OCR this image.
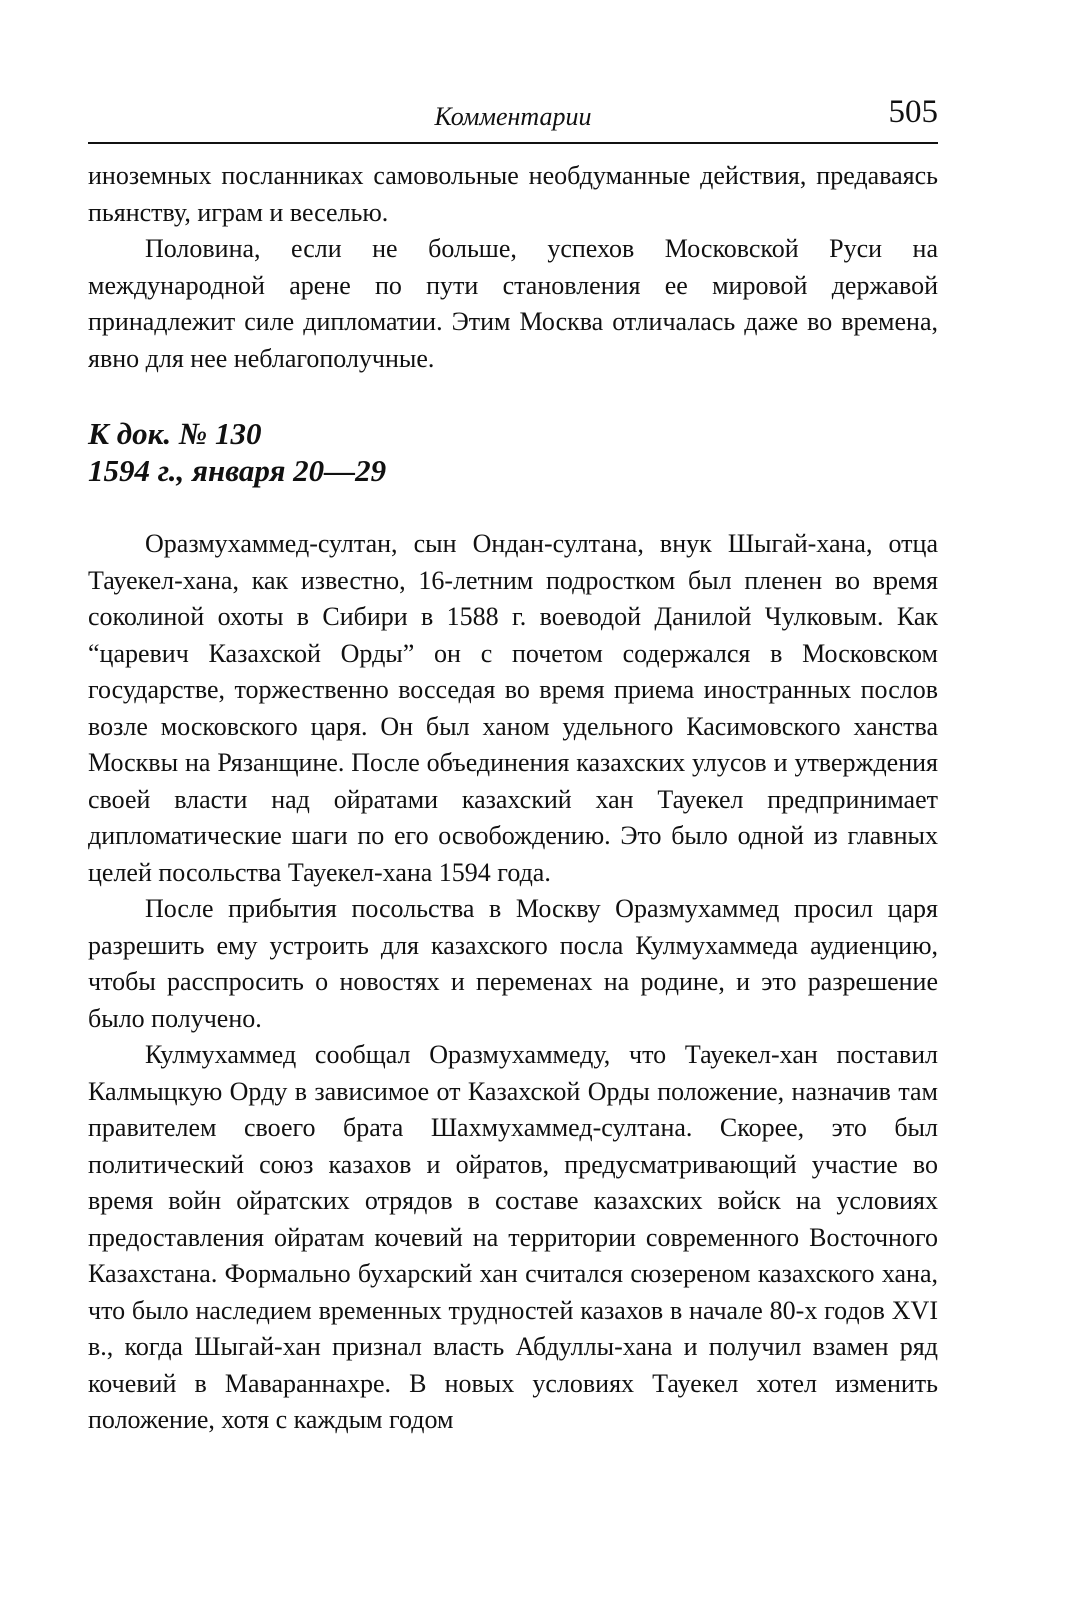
Комментарии	505

иноземных посланниках самовольные необдуманные действия, предаваясь пьянству, играм и веселью.

Половина, если не больше, успехов Московской Руси на международной арене по пути становления ее мировой державой принадлежит силе дипломатии. Этим Москва отличалась даже во времена, явно для нее неблагополучные.

К док. № 130
1594 г., января 20—29

Оразмухаммед-султан, сын Ондан-султана, внук Шыгай-хана, отца Тауекел-хана, как известно, 16-летним подростком был пленен во время соколиной охоты в Сибири в 1588 г. воеводой Данилой Чулковым. Как “царевич Казахской Орды” он с почетом содержался в Московском государстве, торжественно восседая во время приема иностранных послов возле московского царя. Он был ханом удельного Касимовского ханства Москвы на Рязанщине. После объединения казахских улусов и утверждения своей власти над ойратами казахский хан Тауекел предпринимает дипломатические шаги по его освобождению. Это было одной из главных целей посольства Тауекел-хана 1594 года.

После прибытия посольства в Москву Оразмухаммед просил царя разрешить ему устроить для казахского посла Кулмухаммеда аудиенцию, чтобы расспросить о новостях и переменах на родине, и это разрешение было получено.

Кулмухаммед сообщал Оразмухаммеду, что Тауекел-хан поставил Калмыцкую Орду в зависимое от Казахской Орды положение, назначив там правителем своего брата Шахмухаммед-султана. Скорее, это был политический союз казахов и ойратов, предусматривающий участие во время войн ойратских отрядов в составе казахских войск на условиях предоставления ойратам кочевий на территории современного Восточного Казахстана. Формально бухарский хан считался сюзереном казахского хана, что было наследием временных трудностей казахов в начале 80-х годов XVI в., когда Шыгай-хан признал власть Абдуллы-хана и получил взамен ряд кочевий в Мавараннахре. В новых условиях Тауекел хотел изменить положение, хотя с каждым годом
